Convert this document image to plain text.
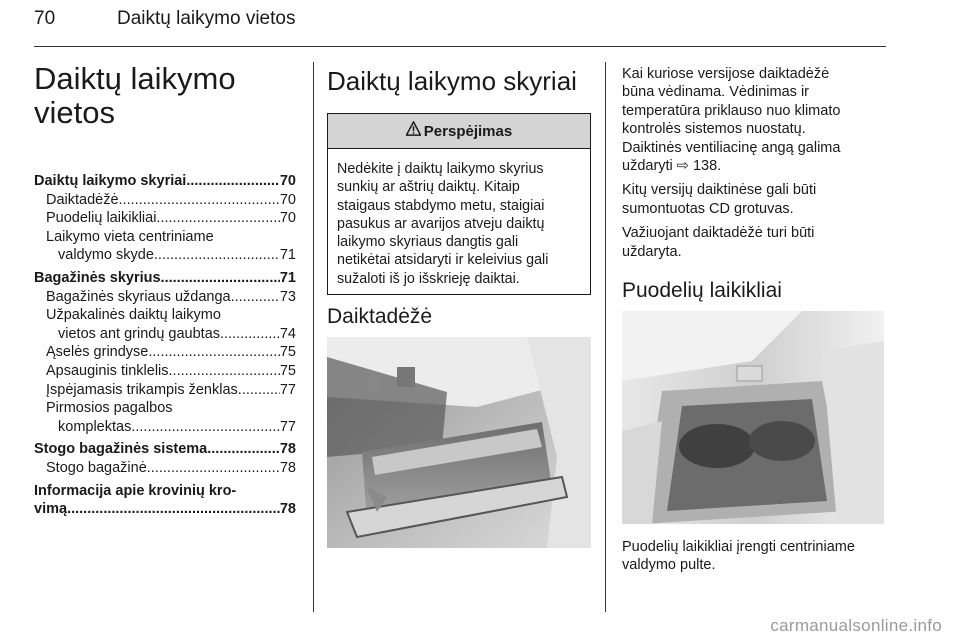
70	Daiktų laikymo vietos
Daiktų laikymo vietos
Daiktų laikymo skyriai .....	70
Daiktadėžė .....	70
Puodelių laikikliai .....	70
Laikymo vieta centriniame
valdymo skyde .....	71
Bagažinės skyrius .....	71
Bagažinės skyriaus uždanga .....	73
Užpakalinės daiktų laikymo
vietos ant grindų gaubtas .....	74
Ąselės grindyse .....	75
Apsauginis tinklelis .....	75
Įspėjamasis trikampis ženklas .....	77
Pirmosios pagalbos
komplektas .....	77
Stogo bagažinės sistema .....	78
Stogo bagažinė .....	78
Informacija apie krovinių kro-
vimą .....	78
Daiktų laikymo skyriai
Perspėjimas
Nedėkite į daiktų laikymo skyrius
sunkių ar aštrių daiktų. Kitaip
staigaus stabdymo metu, staigiai
pasukus ar avarijos atveju daiktų
laikymo skyriaus dangtis gali
netikėtai atsidaryti ir keleivius gali
sužaloti iš jo išskrieję daiktai.
Daiktadėžė

Kai kuriose versijose daiktadėžė
būna vėdinama. Vėdinimas ir
temperatūra priklauso nuo klimato
kontrolės sistemos nuostatų.
Daiktinės ventiliacinę angą galima
uždaryti ⇨ 138.

Kitų versijų daiktinėse gali būti
sumontuotas CD grotuvas.

Važiuojant daiktadėžė turi būti
uždaryta.

Puodelių laikikliai
Puodelių laikikliai įrengti centriniame
valdymo pulte.
carmanualsonline.info
